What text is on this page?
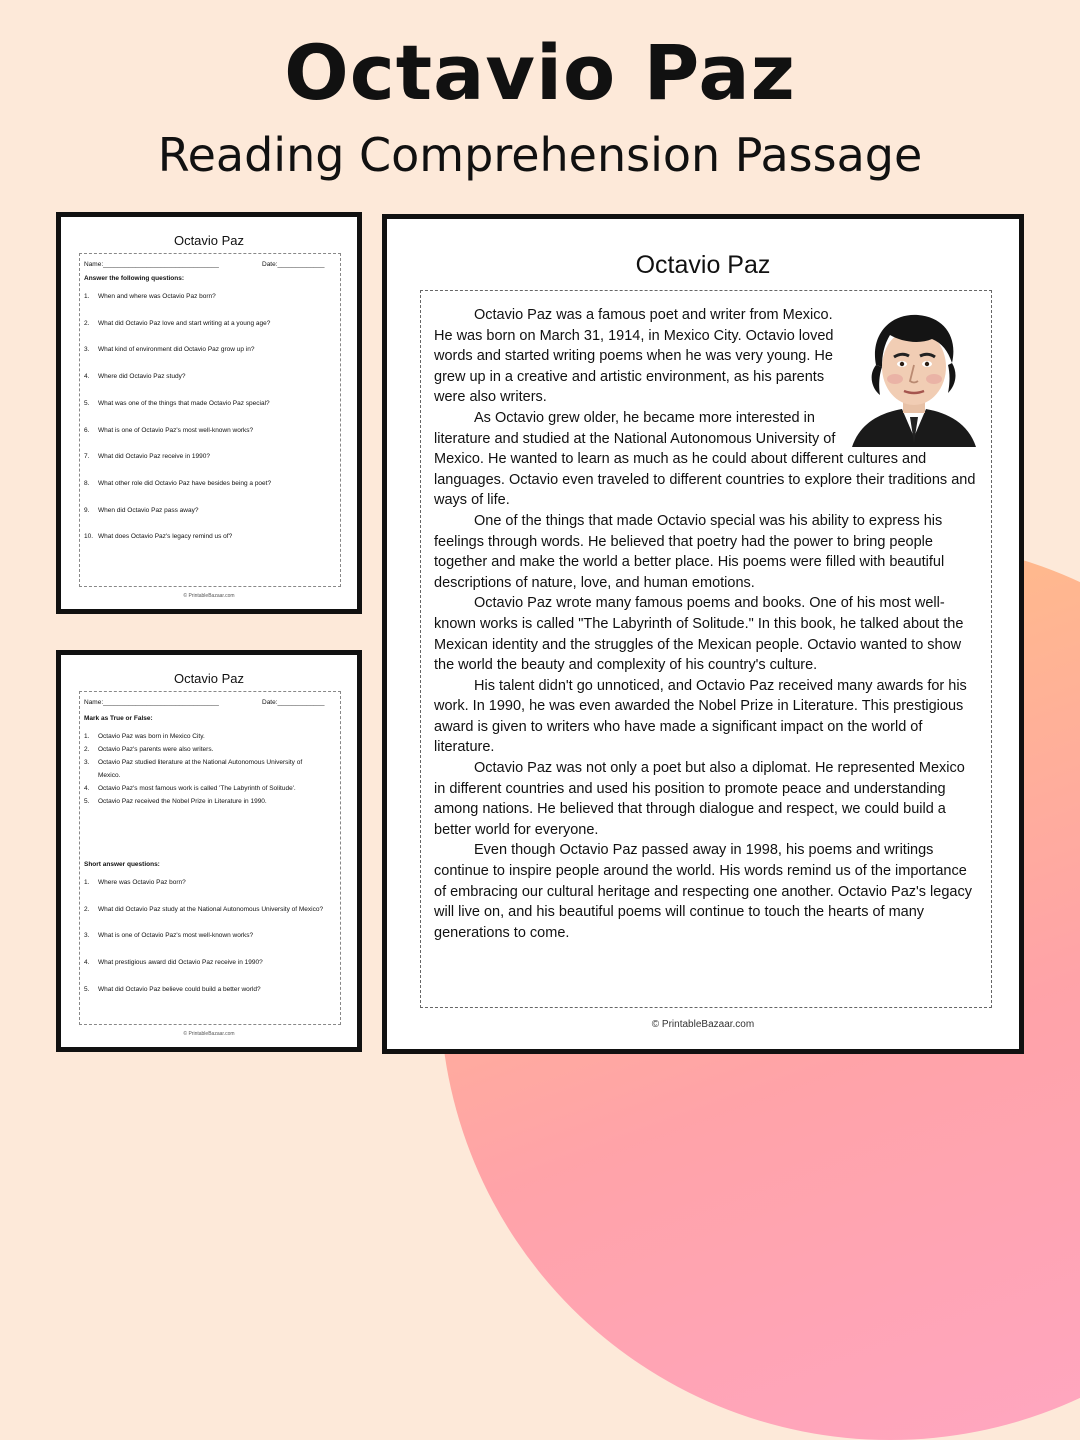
Octavio Paz
Reading Comprehension Passage
Octavio Paz
Name:________________________________	Date:_____________
Answer the following questions:
1. When and where was Octavio Paz born?
2. What did Octavio Paz love and start writing at a young age?
3. What kind of environment did Octavio Paz grow up in?
4. Where did Octavio Paz study?
5. What was one of the things that made Octavio Paz special?
6. What is one of Octavio Paz's most well-known works?
7. What did Octavio Paz receive in 1990?
8. What other role did Octavio Paz have besides being a poet?
9. When did Octavio Paz pass away?
10. What does Octavio Paz's legacy remind us of?
© PrintableBazaar.com
Octavio Paz
Name:________________________________	Date:_____________
Mark as True or False:
1. Octavio Paz was born in Mexico City.
2. Octavio Paz's parents were also writers.
3. Octavio Paz studied literature at the National Autonomous University of
Mexico.
4. Octavio Paz's most famous work is called 'The Labyrinth of Solitude'.
5. Octavio Paz received the Nobel Prize in Literature in 1990.
Short answer questions:
1. Where was Octavio Paz born?
2. What did Octavio Paz study at the National Autonomous University of Mexico?
3. What is one of Octavio Paz's most well-known works?
4. What prestigious award did Octavio Paz receive in 1990?
5. What did Octavio Paz believe could build a better world?
© PrintableBazaar.com
Octavio Paz

Octavio Paz was a famous poet and writer from Mexico. He was born on March 31, 1914, in Mexico City. Octavio loved words and started writing poems when he was very young. He grew up in a creative and artistic environment, as his parents were also writers.

As Octavio grew older, he became more interested in literature and studied at the National Autonomous University of Mexico. He wanted to learn as much as he could about different cultures and languages. Octavio even traveled to different countries to explore their traditions and ways of life.

One of the things that made Octavio special was his ability to express his feelings through words. He believed that poetry had the power to bring people together and make the world a better place. His poems were filled with beautiful descriptions of nature, love, and human emotions.

Octavio Paz wrote many famous poems and books. One of his most well-known works is called "The Labyrinth of Solitude." In this book, he talked about the Mexican identity and the struggles of the Mexican people. Octavio wanted to show the world the beauty and complexity of his country's culture.

His talent didn't go unnoticed, and Octavio Paz received many awards for his work. In 1990, he was even awarded the Nobel Prize in Literature. This prestigious award is given to writers who have made a significant impact on the world of literature.

Octavio Paz was not only a poet but also a diplomat. He represented Mexico in different countries and used his position to promote peace and understanding among nations. He believed that through dialogue and respect, we could build a better world for everyone.

Even though Octavio Paz passed away in 1998, his poems and writings continue to inspire people around the world. His words remind us of the importance of embracing our cultural heritage and respecting one another. Octavio Paz's legacy will live on, and his beautiful poems will continue to touch the hearts of many generations to come.

© PrintableBazaar.com
